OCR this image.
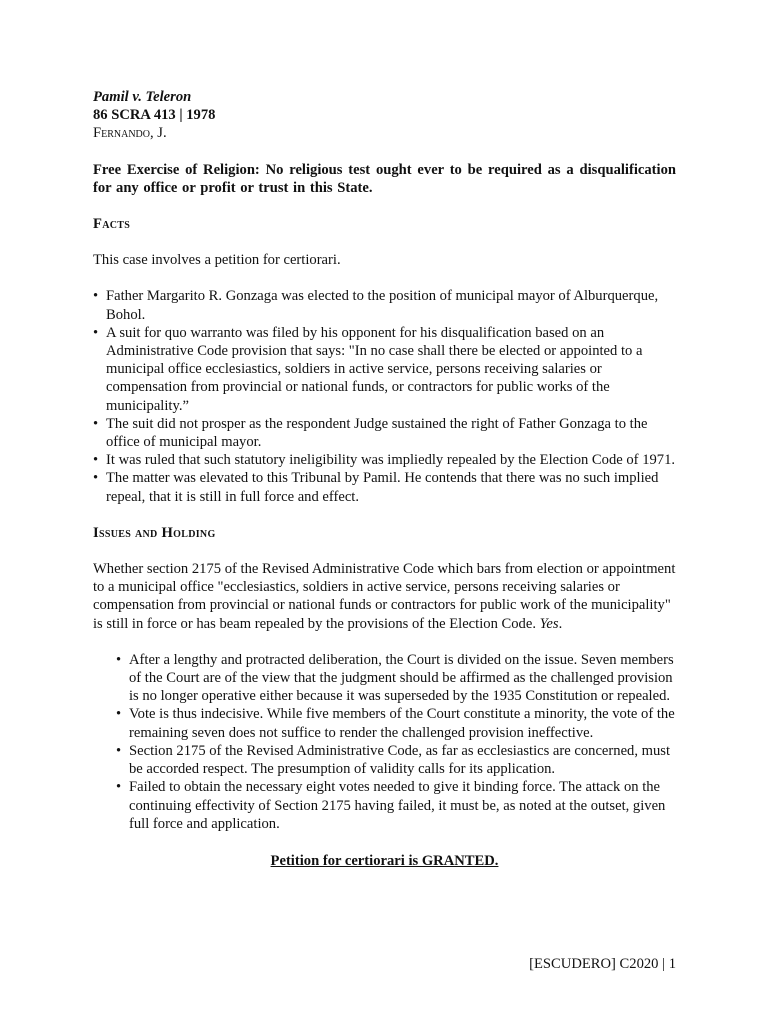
Pamil v. Teleron

86 SCRA 413 | 1978

Fernando, J.

Free Exercise of Religion: No religious test ought ever to be required as a disqualification for any office or profit or trust in this State.

Facts

This case involves a petition for certiorari.

• Father Margarito R. Gonzaga was elected to the position of municipal mayor of Alburquerque, Bohol.
• A suit for quo warranto was filed by his opponent for his disqualification based on an Administrative Code provision that says: "In no case shall there be elected or appointed to a municipal office ecclesiastics, soldiers in active service, persons receiving salaries or compensation from provincial or national funds, or contractors for public works of the municipality.”
• The suit did not prosper as the respondent Judge sustained the right of Father Gonzaga to the office of municipal mayor.
• It was ruled that such statutory ineligibility was impliedly repealed by the Election Code of 1971.
• The matter was elevated to this Tribunal by Pamil. He contends that there was no such implied repeal, that it is still in full force and effect.

Issues and Holding

Whether section 2175 of the Revised Administrative Code which bars from election or appointment to a municipal office "ecclesiastics, soldiers in active service, persons receiving salaries or compensation from provincial or national funds or contractors for public work of the municipality" is still in force or has beam repealed by the provisions of the Election Code. Yes.

• After a lengthy and protracted deliberation, the Court is divided on the issue. Seven members of the Court are of the view that the judgment should be affirmed as the challenged provision is no longer operative either because it was superseded by the 1935 Constitution or repealed.
• Vote is thus indecisive. While five members of the Court constitute a minority, the vote of the remaining seven does not suffice to render the challenged provision ineffective.
• Section 2175 of the Revised Administrative Code, as far as ecclesiastics are concerned, must be accorded respect. The presumption of validity calls for its application.
• Failed to obtain the necessary eight votes needed to give it binding force. The attack on the continuing effectivity of Section 2175 having failed, it must be, as noted at the outset, given full force and application.

Petition for certiorari is GRANTED.

[ESCUDERO] C2020 | 1
